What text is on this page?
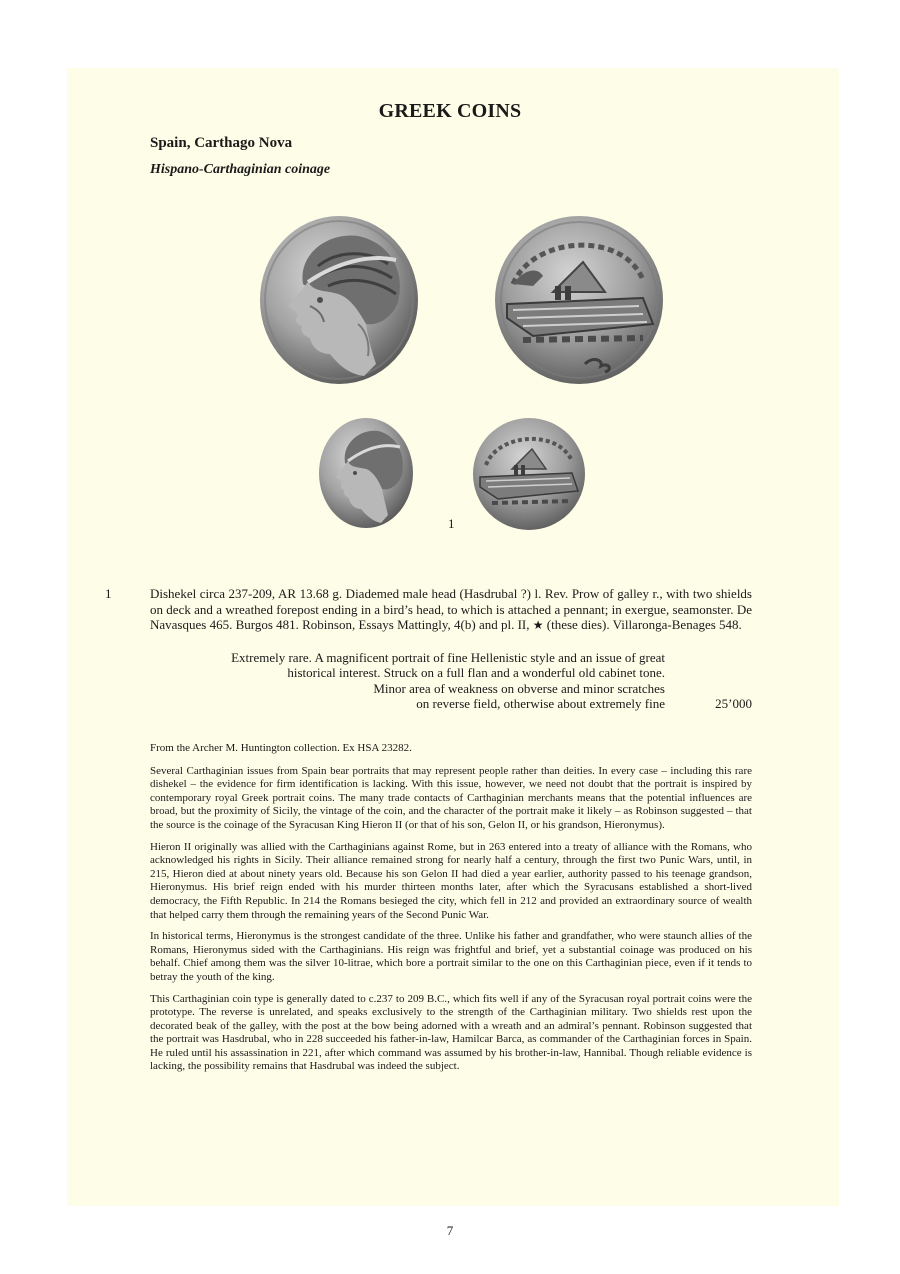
GREEK COINS
Spain, Carthago Nova
Hispano-Carthaginian coinage
1
1	Dishekel circa 237-209, AR 13.68 g. Diademed male head (Hasdrubal ?) l. Rev. Prow of galley r., with two shields on deck and a wreathed forepost ending in a bird’s head, to which is attached a pennant; in exergue, seamonster. De Navasques 465. Burgos 481. Robinson, Essays Mattingly, 4(b) and pl. II, ★ (these dies). Villaronga-Benages 548.
Extremely rare. A magnificent portrait of fine Hellenistic style and an issue of great
historical interest. Struck on a full flan and a wonderful old cabinet tone.
Minor area of weakness on obverse and minor scratches
on reverse field, otherwise about extremely fine	25’000

From the Archer M. Huntington collection. Ex HSA 23282.

Several Carthaginian issues from Spain bear portraits that may represent people rather than deities. In every case – including this rare dishekel – the evidence for firm identification is lacking. With this issue, however, we need not doubt that the portrait is inspired by contemporary royal Greek portrait coins. The many trade contacts of Carthaginian merchants means that the potential influences are broad, but the proximity of Sicily, the vintage of the coin, and the character of the portrait make it likely – as Robinson suggested – that the source is the coinage of the Syracusan King Hieron II (or that of his son, Gelon II, or his grandson, Hieronymus).

Hieron II originally was allied with the Carthaginians against Rome, but in 263 entered into a treaty of alliance with the Romans, who acknowledged his rights in Sicily. Their alliance remained strong for nearly half a century, through the first two Punic Wars, until, in 215, Hieron died at about ninety years old. Because his son Gelon II had died a year earlier, authority passed to his teenage grandson, Hieronymus. His brief reign ended with his murder thirteen months later, after which the Syracusans established a short-lived democracy, the Fifth Republic. In 214 the Romans besieged the city, which fell in 212 and provided an extraordinary source of wealth that helped carry them through the remaining years of the Second Punic War.

In historical terms, Hieronymus is the strongest candidate of the three. Unlike his father and grandfather, who were staunch allies of the Romans, Hieronymus sided with the Carthaginians. His reign was frightful and brief, yet a substantial coinage was produced on his behalf. Chief among them was the silver 10-litrae, which bore a portrait similar to the one on this Carthaginian piece, even if it tends to betray the youth of the king.

This Carthaginian coin type is generally dated to c.237 to 209 B.C., which fits well if any of the Syracusan royal portrait coins were the prototype. The reverse is unrelated, and speaks exclusively to the strength of the Carthaginian military. Two shields rest upon the decorated beak of the galley, with the post at the bow being adorned with a wreath and an admiral’s pennant. Robinson suggested that the portrait was Hasdrubal, who in 228 succeeded his father-in-law, Hamilcar Barca, as commander of the Carthaginian forces in Spain. He ruled until his assassination in 221, after which command was assumed by his brother-in-law, Hannibal. Though reliable evidence is lacking, the possibility remains that Hasdrubal was indeed the subject.

7
